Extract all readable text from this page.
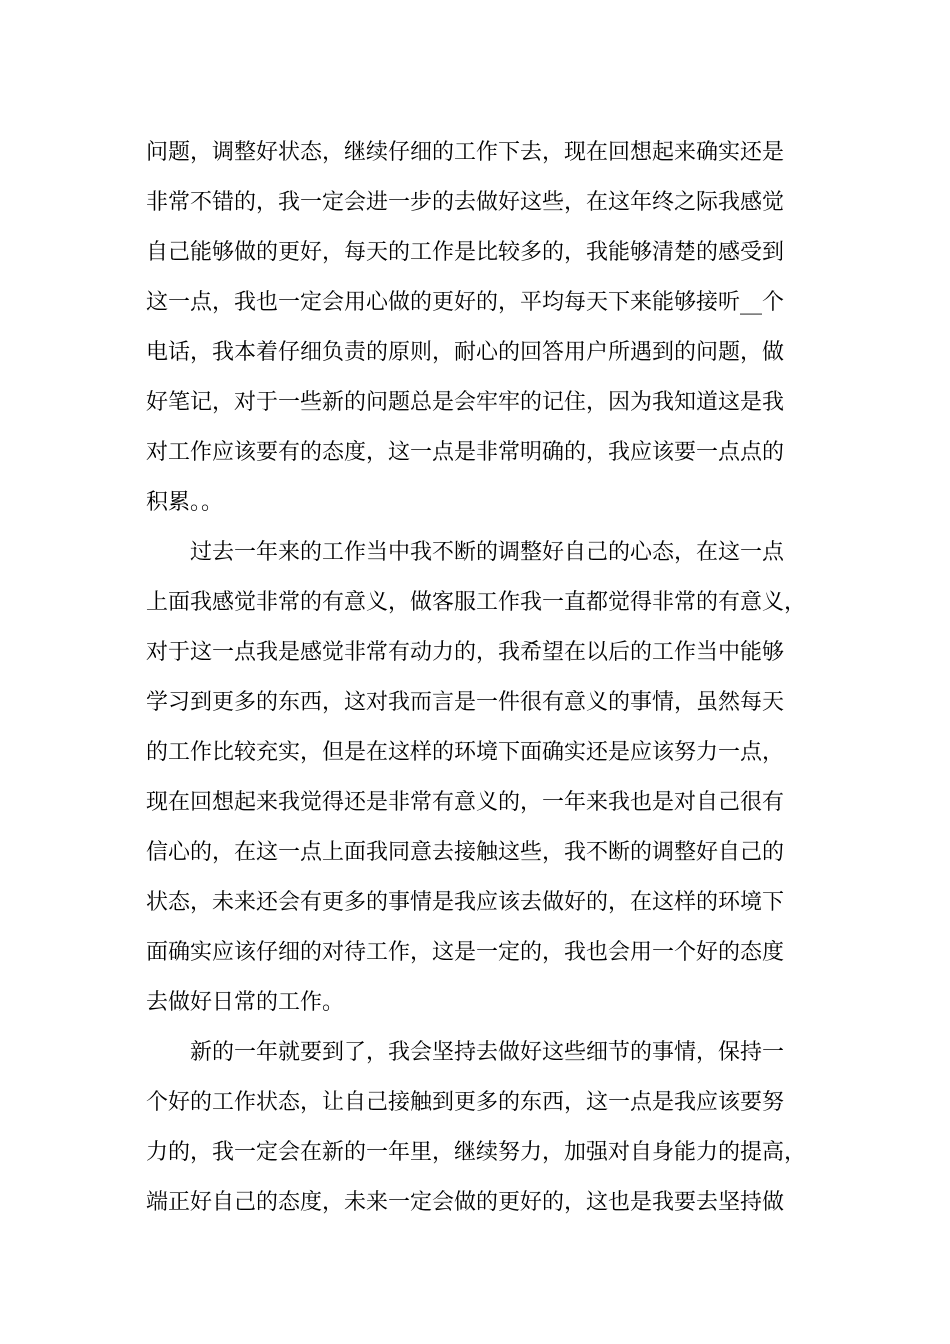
问题，调整好状态，继续仔细的工作下去，现在回想起来确实还是
非常不错的，我一定会进一步的去做好这些，在这年终之际我感觉
自己能够做的更好，每天的工作是比较多的，我能够清楚的感受到
这一点，我也一定会用心做的更好的，平均每天下来能够接听__个
电话，我本着仔细负责的原则，耐心的回答用户所遇到的问题，做
好笔记，对于一些新的问题总是会牢牢的记住，因为我知道这是我
对工作应该要有的态度，这一点是非常明确的，我应该要一点点的
积累。。
　　过去一年来的工作当中我不断的调整好自己的心态，在这一点
上面我感觉非常的有意义，做客服工作我一直都觉得非常的有意义，
对于这一点我是感觉非常有动力的，我希望在以后的工作当中能够
学习到更多的东西，这对我而言是一件很有意义的事情，虽然每天
的工作比较充实，但是在这样的环境下面确实还是应该努力一点，
现在回想起来我觉得还是非常有意义的，一年来我也是对自己很有
信心的，在这一点上面我同意去接触这些，我不断的调整好自己的
状态，未来还会有更多的事情是我应该去做好的，在这样的环境下
面确实应该仔细的对待工作，这是一定的，我也会用一个好的态度
去做好日常的工作。
　　新的一年就要到了，我会坚持去做好这些细节的事情，保持一
个好的工作状态，让自己接触到更多的东西，这一点是我应该要努
力的，我一定会在新的一年里，继续努力，加强对自身能力的提高，
端正好自己的态度，未来一定会做的更好的，这也是我要去坚持做
